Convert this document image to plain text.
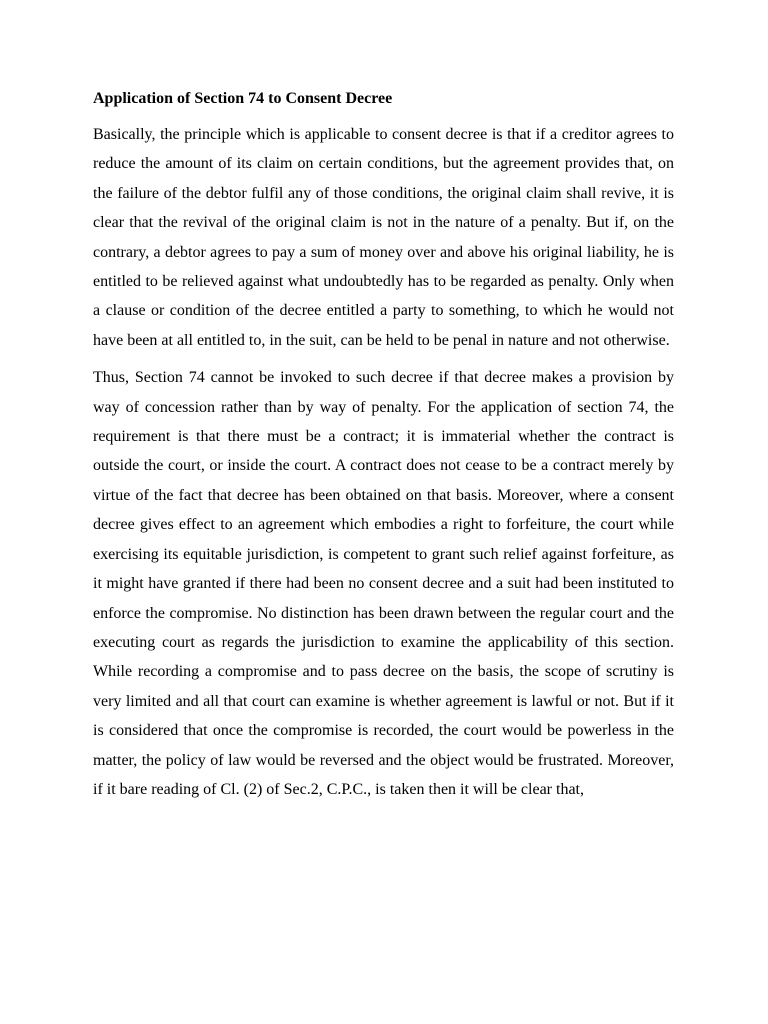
Application of Section 74 to Consent Decree

Basically, the principle which is applicable to consent decree is that if a creditor agrees to reduce the amount of its claim on certain conditions, but the agreement provides that, on the failure of the debtor fulfil any of those conditions, the original claim shall revive, it is clear that the revival of the original claim is not in the nature of a penalty. But if, on the contrary, a debtor agrees to pay a sum of money over and above his original liability, he is entitled to be relieved against what undoubtedly has to be regarded as penalty. Only when a clause or condition of the decree entitled a party to something, to which he would not have been at all entitled to, in the suit, can be held to be penal in nature and not otherwise.

Thus, Section 74 cannot be invoked to such decree if that decree makes a provision by way of concession rather than by way of penalty. For the application of section 74, the requirement is that there must be a contract; it is immaterial whether the contract is outside the court, or inside the court. A contract does not cease to be a contract merely by virtue of the fact that decree has been obtained on that basis. Moreover, where a consent decree gives effect to an agreement which embodies a right to forfeiture, the court while exercising its equitable jurisdiction, is competent to grant such relief against forfeiture, as it might have granted if there had been no consent decree and a suit had been instituted to enforce the compromise. No distinction has been drawn between the regular court and the executing court as regards the jurisdiction to examine the applicability of this section. While recording a compromise and to pass decree on the basis, the scope of scrutiny is very limited and all that court can examine is whether agreement is lawful or not. But if it is considered that once the compromise is recorded, the court would be powerless in the matter, the policy of law would be reversed and the object would be frustrated. Moreover, if it bare reading of Cl. (2) of Sec.2, C.P.C., is taken then it will be clear that,
